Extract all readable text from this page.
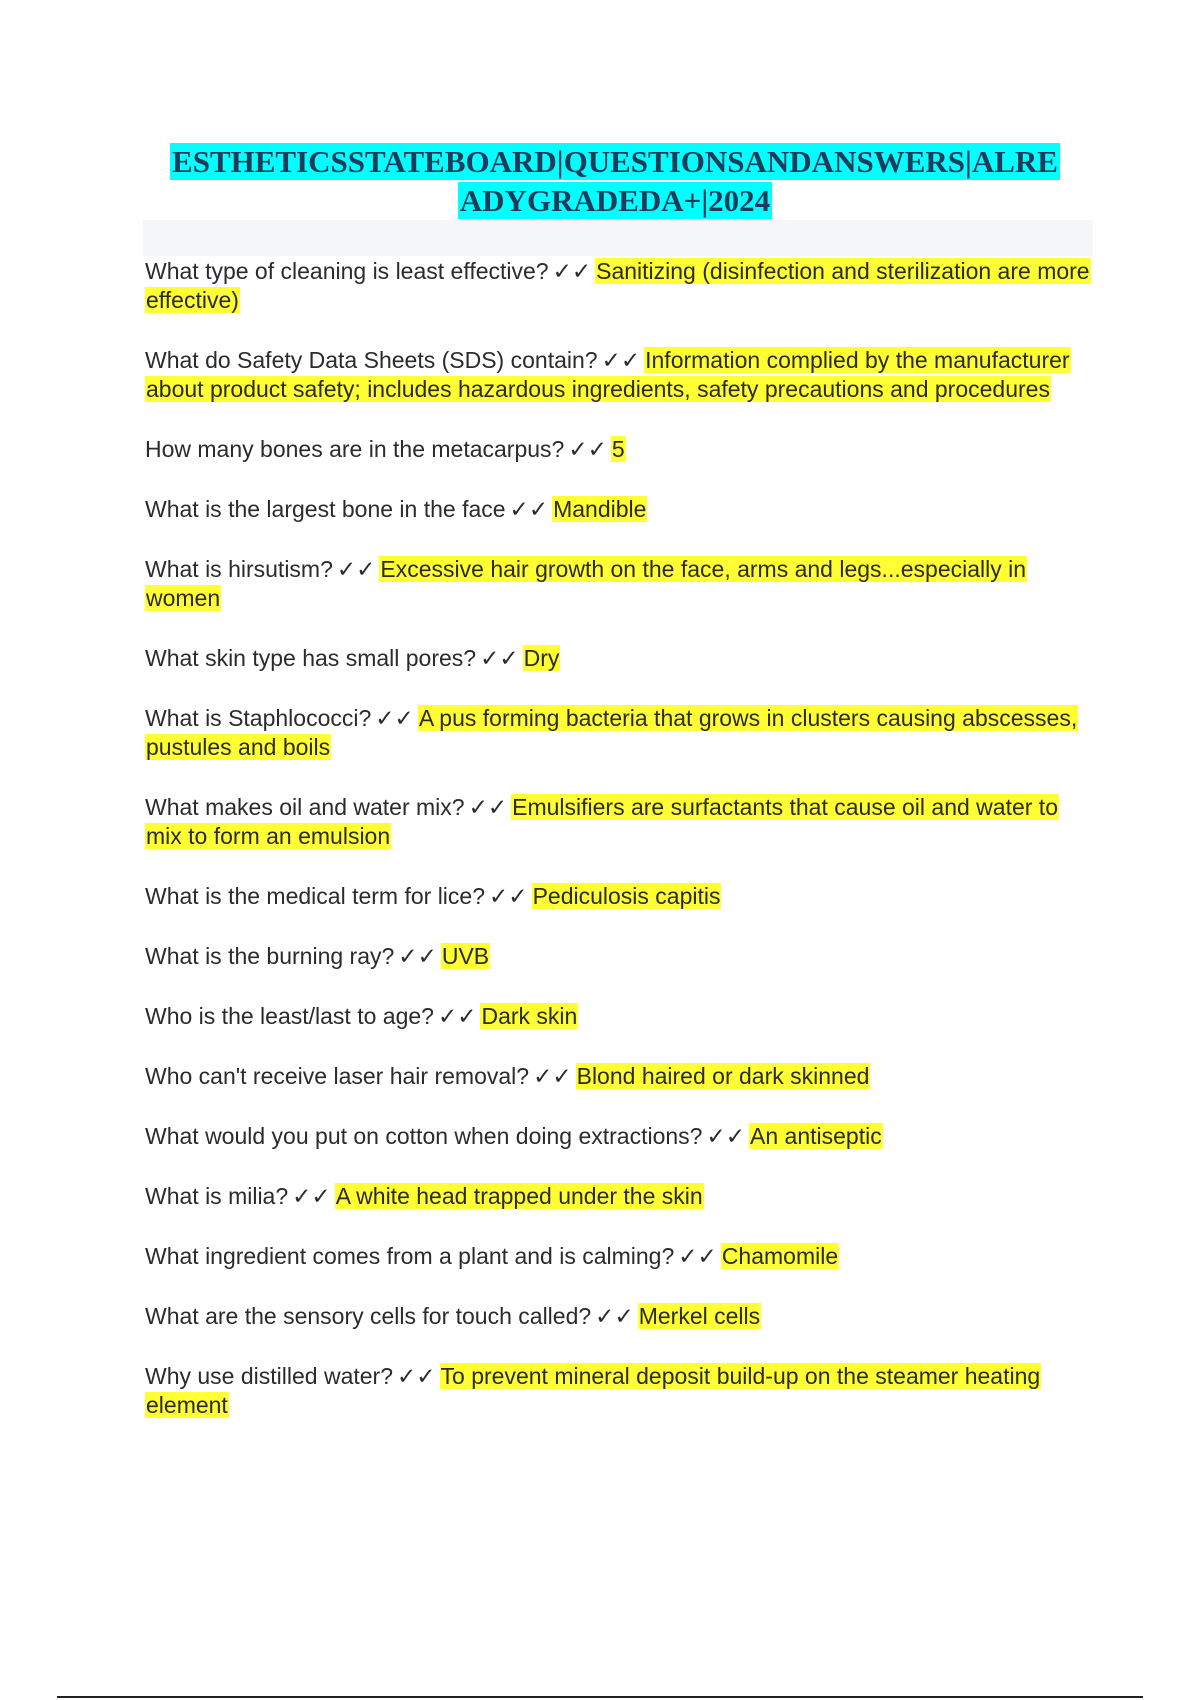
ESTHETICSSTATEBOARD|QUESTIONSANDANSWERS|ALRE
ADYGRADEDA+|2024

What type of cleaning is least effective? ✓✓ Sanitizing (disinfection and sterilization are more effective)

What do Safety Data Sheets (SDS) contain? ✓✓ Information complied by the manufacturer about product safety; includes hazardous ingredients, safety precautions and procedures

How many bones are in the metacarpus? ✓✓ 5

What is the largest bone in the face ✓✓ Mandible

What is hirsutism? ✓✓ Excessive hair growth on the face, arms and legs...especially in women

What skin type has small pores? ✓✓ Dry

What is Staphlococci? ✓✓ A pus forming bacteria that grows in clusters causing abscesses, pustules and boils

What makes oil and water mix? ✓✓ Emulsifiers are surfactants that cause oil and water to mix to form an emulsion

What is the medical term for lice? ✓✓ Pediculosis capitis

What is the burning ray? ✓✓ UVB

Who is the least/last to age? ✓✓ Dark skin

Who can't receive laser hair removal? ✓✓ Blond haired or dark skinned

What would you put on cotton when doing extractions? ✓✓ An antiseptic

What is milia? ✓✓ A white head trapped under the skin

What ingredient comes from a plant and is calming? ✓✓ Chamomile

What are the sensory cells for touch called? ✓✓ Merkel cells

Why use distilled water? ✓✓ To prevent mineral deposit build-up on the steamer heating element
